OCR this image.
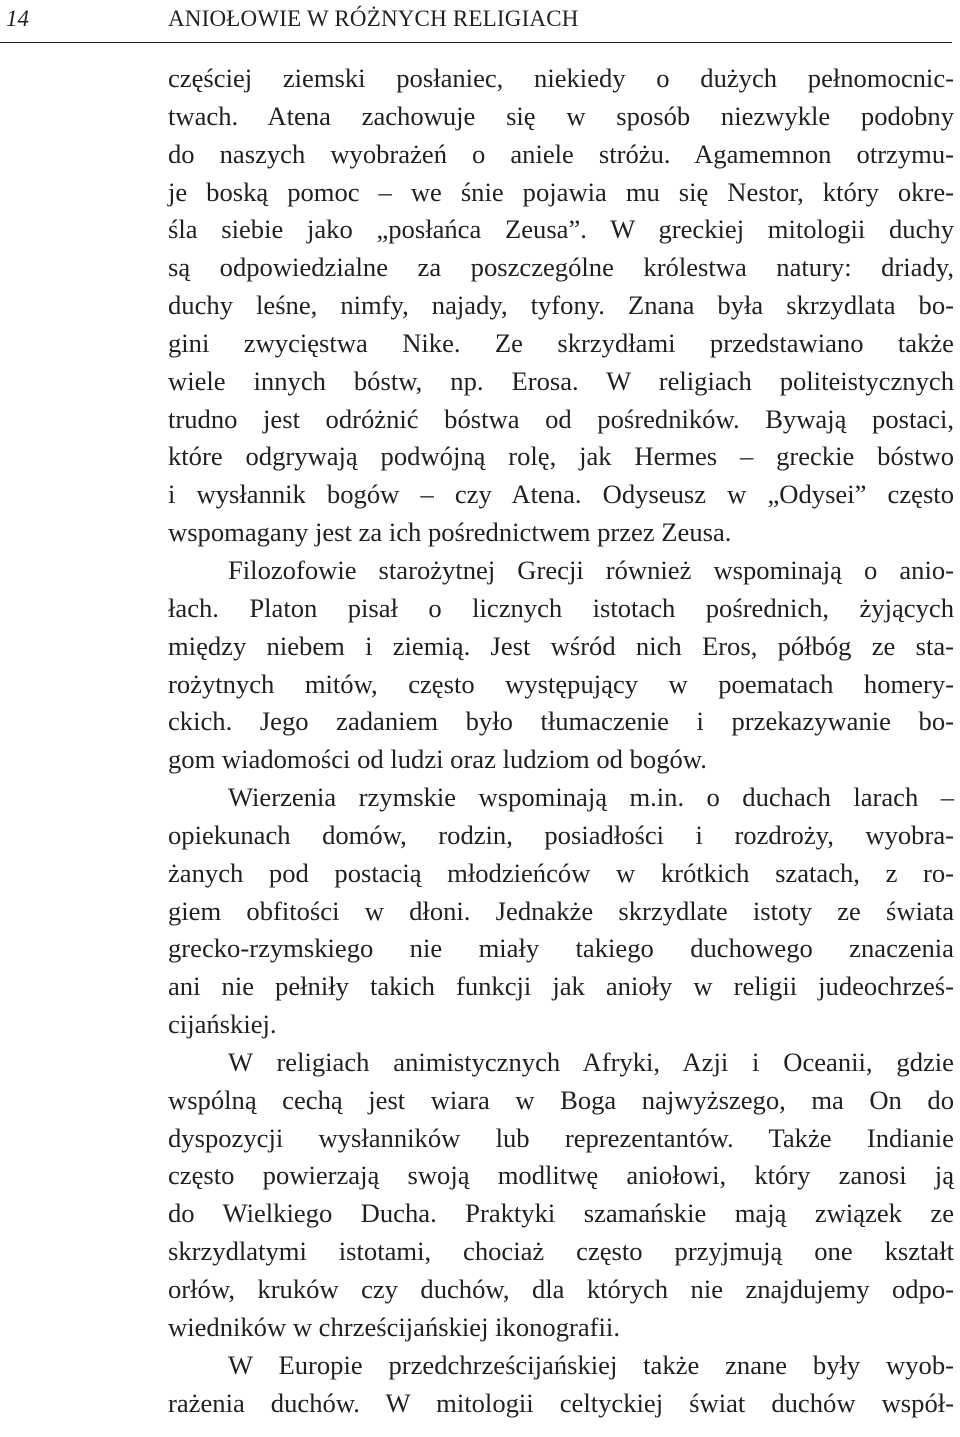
14	ANIOŁOWIE W RÓŻNYCH RELIGIACH
częściej ziemski posłaniec, niekiedy o dużych pełnomocnic-
twach. Atena zachowuje się w sposób niezwykle podobny
do naszych wyobrażeń o aniele stróżu. Agamemnon otrzymu-
je boską pomoc – we śnie pojawia mu się Nestor, który okre-
śla siebie jako „posłańca Zeusa”. W greckiej mitologii duchy
są odpowiedzialne za poszczególne królestwa natury: driady,
duchy leśne, nimfy, najady, tyfony. Znana była skrzydlata bo-
gini zwycięstwa Nike. Ze skrzydłami przedstawiano także
wiele innych bóstw, np. Erosa. W religiach politeistycznych
trudno jest odróżnić bóstwa od pośredników. Bywają postaci,
które odgrywają podwójną rolę, jak Hermes – greckie bóstwo
i wysłannik bogów – czy Atena. Odyseusz w „Odysei” często
wspomagany jest za ich pośrednictwem przez Zeusa.
Filozofowie starożytnej Grecji również wspominają o anio-
łach. Platon pisał o licznych istotach pośrednich, żyjących
między niebem i ziemią. Jest wśród nich Eros, półbóg ze sta-
rożytnych mitów, często występujący w poematach homery-
ckich. Jego zadaniem było tłumaczenie i przekazywanie bo-
gom wiadomości od ludzi oraz ludziom od bogów.
Wierzenia rzymskie wspominają m.in. o duchach larach –
opiekunach domów, rodzin, posiadłości i rozdroży, wyobra-
żanych pod postacią młodzieńców w krótkich szatach, z ro-
giem obfitości w dłoni. Jednakże skrzydlate istoty ze świata
grecko-rzymskiego nie miały takiego duchowego znaczenia
ani nie pełniły takich funkcji jak anioły w religii judeochrześ-
cijańskiej.
W religiach animistycznych Afryki, Azji i Oceanii, gdzie
wspólną cechą jest wiara w Boga najwyższego, ma On do
dyspozycji wysłanników lub reprezentantów. Także Indianie
często powierzają swoją modlitwę aniołowi, który zanosi ją
do Wielkiego Ducha. Praktyki szamańskie mają związek ze
skrzydlatymi istotami, chociaż często przyjmują one kształt
orłów, kruków czy duchów, dla których nie znajdujemy odpo-
wiedników w chrześcijańskiej ikonografii.
W Europie przedchrześcijańskiej także znane były wyob-
rażenia duchów. W mitologii celtyckiej świat duchów współ-
